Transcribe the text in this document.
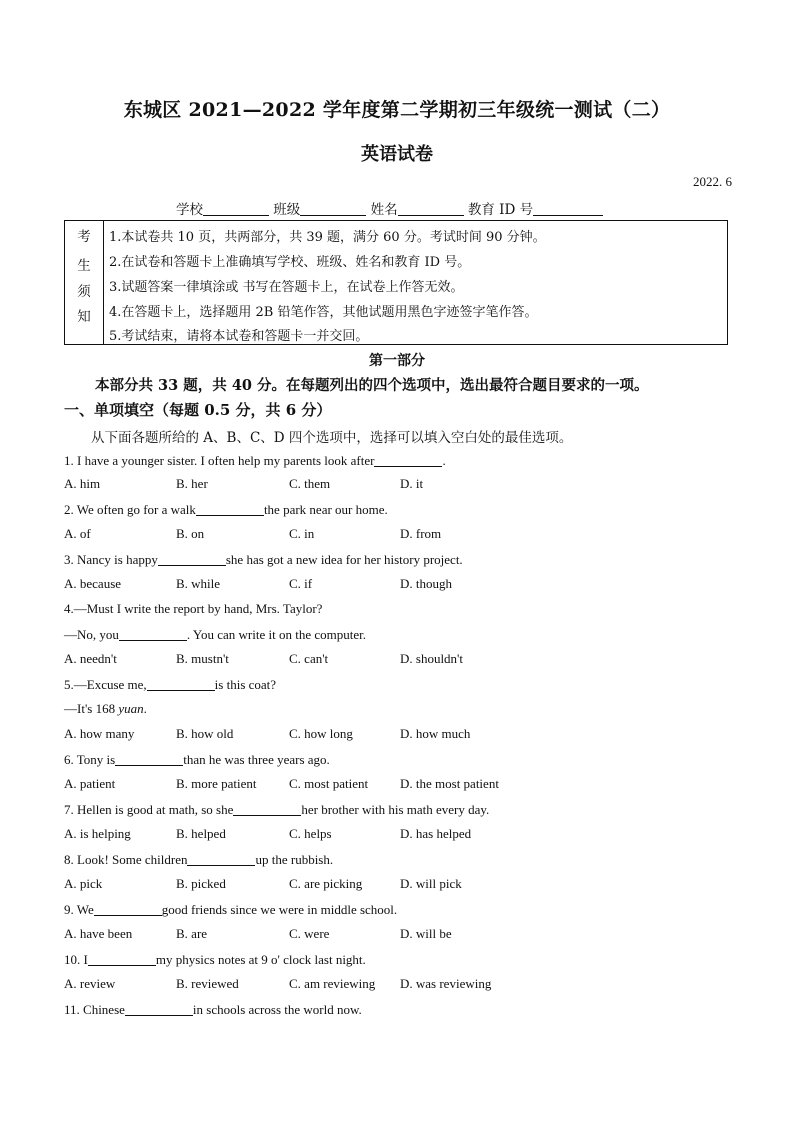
东城区 2021—2022 学年度第二学期初三年级统一测试（二）
英语试卷
2022. 6
学校	班级	姓名	教育 ID 号
考
生
须
知
1.本试卷共 10 页，共两部分，共 39 题，满分 60 分。考试时间 90 分钟。
2.在试卷和答题卡上准确填写学校、班级、姓名和教育 ID 号。
3.试题答案一律填涂或 书写在答题卡上，在试卷上作答无效。
4.在答题卡上，选择题用 2B 铅笔作答，其他试题用黑色字迹签字笔作答。
5.考试结束，请将本试卷和答题卡一并交回。
第一部分
本部分共 33 题，共 40 分。在每题列出的四个选项中，选出最符合题目要求的一项。
一、单项填空（每题 0.5 分，共 6 分）
从下面各题所给的 A、B、C、D 四个选项中，选择可以填入空白处的最佳选项。
1. I have a younger sister. I often help my parents look after	.
A. him	B. her	C. them	D. it
2. We often go for a walk	the park near our home.
A. of	B. on	C. in	D. from
3. Nancy is happy	she has got a new idea for her history project.
A. because	B. while	C. if	D. though
4.—Must I write the report by hand, Mrs. Taylor?
—No, you	. You can write it on the computer.
A. needn't	B. mustn't	C. can't	D. shouldn't
5.—Excuse me,	is this coat?
—It's 168 yuan.
A. how many	B. how old	C. how long	D. how much
6. Tony is	than he was three years ago.
A. patient	B. more patient C. most patient D. the most patient
7. Hellen is good at math, so she	her brother with his math every day.
A. is helping	B. helped	C. helps	D. has helped
8. Look! Some children	up the rubbish.
A. pick	B. picked	C. are picking	D. will pick
9. We	good friends since we were in middle school.
A. have been	B. are	C. were	D. will be
10. I	my physics notes at 9 o' clock last night.
A. review	B. reviewed	C. am reviewing D. was reviewing
11. Chinese	in schools across the world now.
